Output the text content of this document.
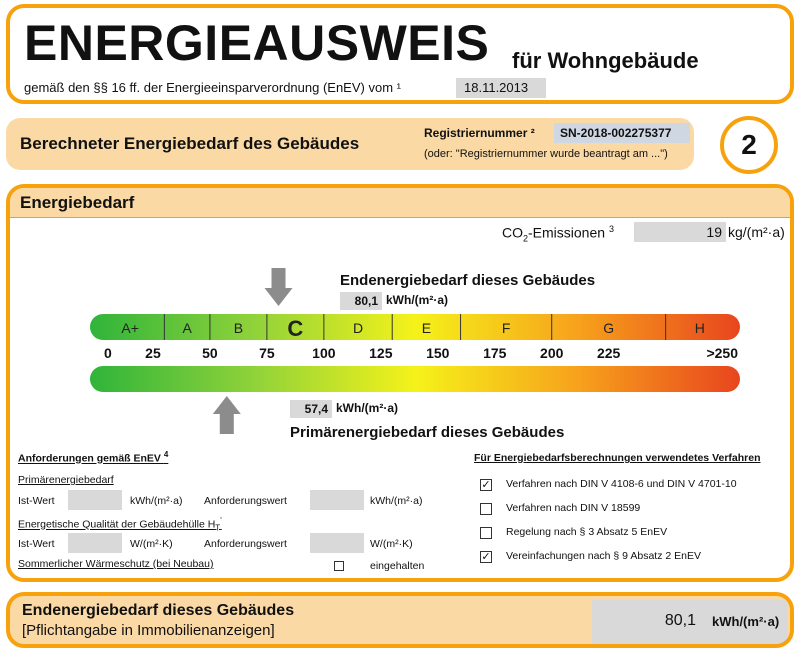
ENERGIEAUSWEIS für Wohngebäude
gemäß den §§ 16 ff. der Energieeinsparverordnung (EnEV) vom ¹	18.11.2013
Berechneter Energiebedarf des Gebäudes
Registriernummer ²	SN-2018-002275377
(oder: "Registriernummer wurde beantragt am ...")	2
Energiebedarf
$CO_2$-Emissionen $^3$	19 kg/(m²·a)
Endenergiebedarf dieses Gebäudes
80,1 kWh/(m²·a)
A+	A	B C	D	E	F	G	H
0 25	50	75	100 125 150 175 200 225	>250
57,4 kWh/(m²·a)
Primärenergiebedarf dieses Gebäudes
Anforderungen gemäß EnEV $^4$
Primärenergiebedarf
Ist-Wert	kWh/(m²·a) Anforderungswert	kWh/(m²·a)
Energetische Qualität der Gebäudehülle $H_T'$
Ist-Wert	W/(m²·K)	Anforderungswert	W/(m²·K)
Sommerlicher Wärmeschutz (bei Neubau)	eingehalten
Für Energiebedarfsberechnungen verwendetes Verfahren
✓ Verfahren nach DIN V 4108-6 und DIN V 4701-10
Verfahren nach DIN V 18599
Regelung nach § 3 Absatz 5 EnEV
✓ Vereinfachungen nach § 9 Absatz 2 EnEV
Endenergiebedarf dieses Gebäudes
[Pflichtangabe in Immobilienanzeigen]
80,1 kWh/(m²·a)
